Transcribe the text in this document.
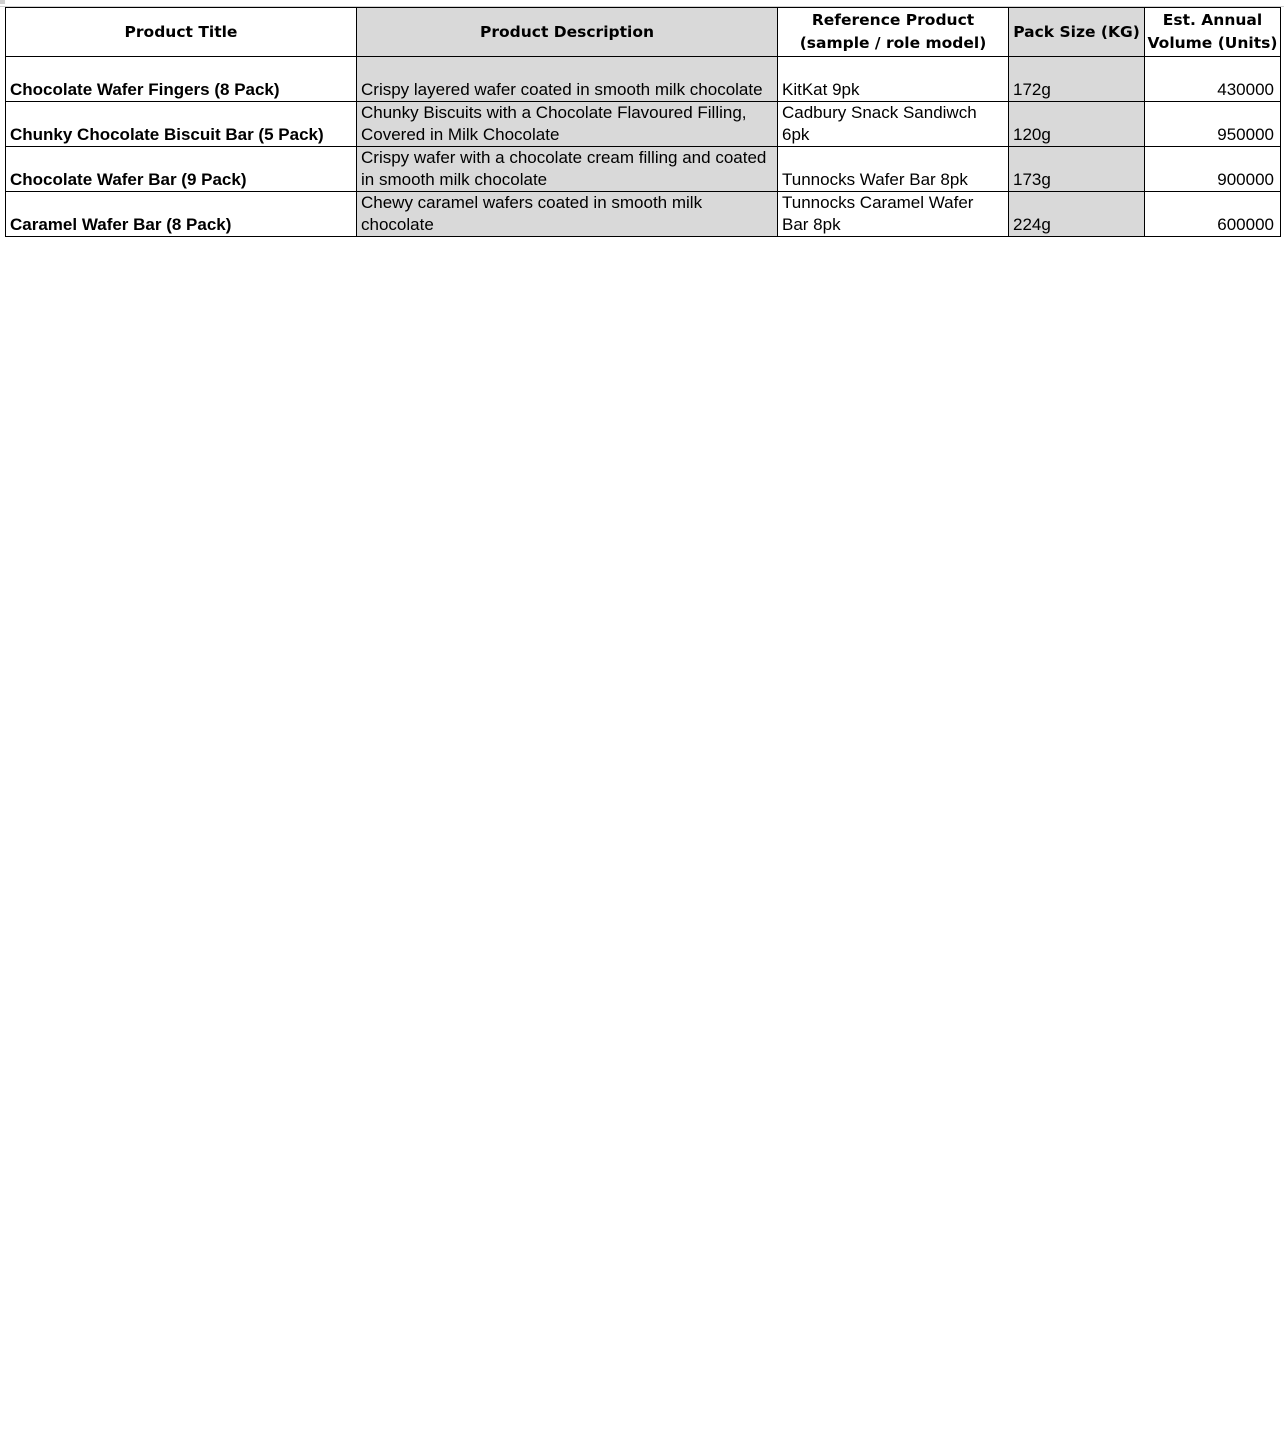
Product Title	Product Description	Reference Product (sample / role model)	Pack Size (KG)	Est. Annual Volume (Units)
Chocolate Wafer Fingers (8 Pack)	Crispy layered wafer coated in smooth milk chocolate	KitKat 9pk	172g	430000
Chunky Chocolate Biscuit Bar (5 Pack)	Chunky Biscuits with a Chocolate Flavoured Filling, Covered in Milk Chocolate	Cadbury Snack Sandiwch 6pk	120g	950000
Chocolate Wafer Bar (9 Pack)	Crispy wafer with a chocolate cream filling and coated in smooth milk chocolate	Tunnocks Wafer Bar 8pk	173g	900000
Caramel Wafer Bar (8 Pack)	Chewy caramel wafers coated in smooth milk chocolate	Tunnocks Caramel Wafer Bar 8pk	224g	600000
